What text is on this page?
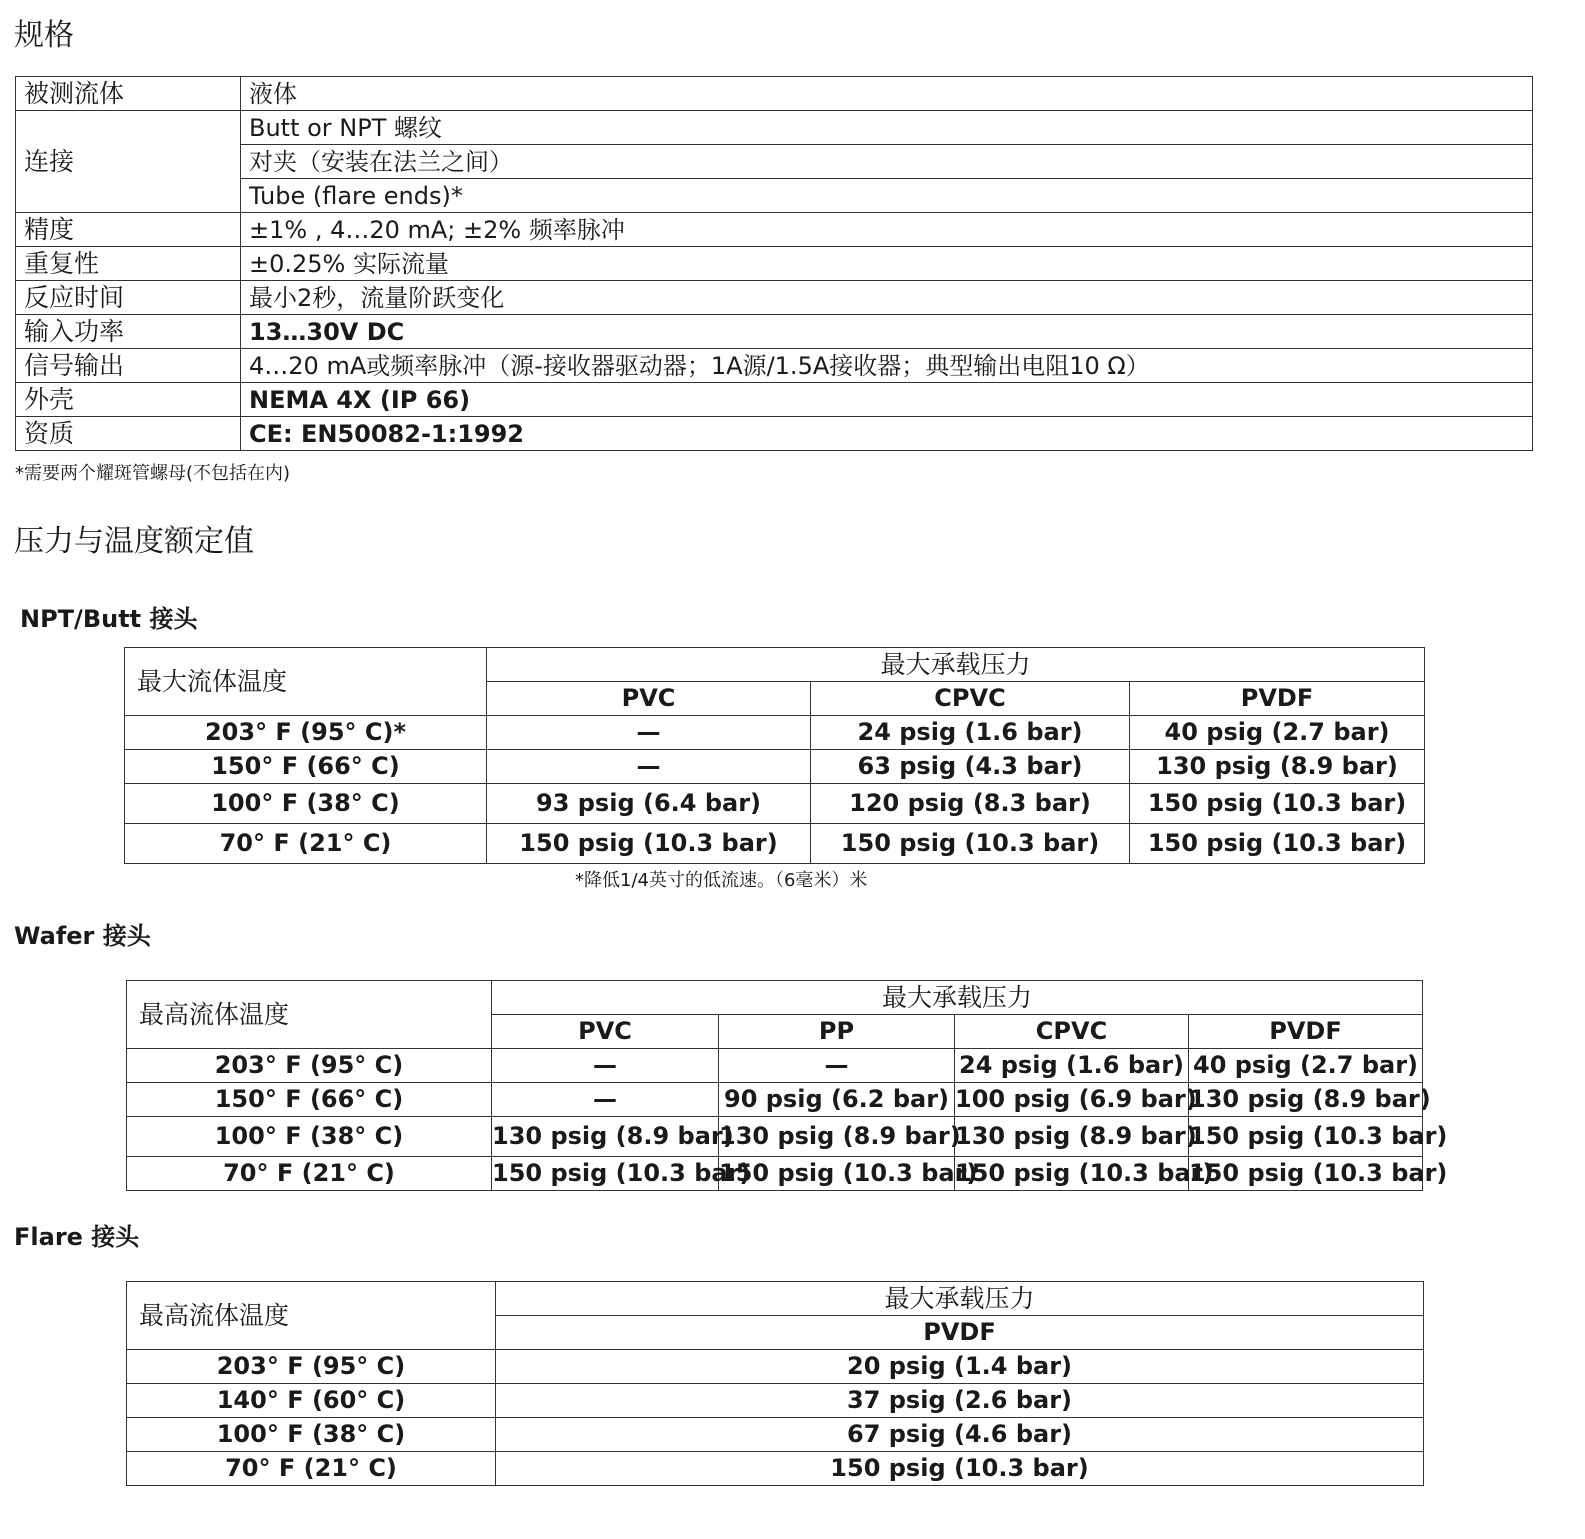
规格
被测流体	液体
连接	Butt or NPT 螺纹
	对夹（安装在法兰之间）
	Tube (flare ends)*
精度	±1% , 4…20 mA; ±2% 频率脉冲
重复性	±0.25% 实际流量
反应时间	最小2秒，流量阶跃变化
输入功率	13…30V DC
信号输出	4…20 mA或频率脉冲（源-接收器驱动器；1A源/1.5A接收器；典型输出电阻10 Ω）
外壳	NEMA 4X (IP 66)
资质	CE: EN50082-1:1992
*需要两个耀斑管螺母(不包括在内)
压力与温度额定值
NPT/Butt 接头
最大流体温度	最大承载压力		
	PVC	CPVC	PVDF
203° F (95° C)*	—	24 psig (1.6 bar)	40 psig (2.7 bar)
150° F (66° C)	—	63 psig (4.3 bar)	130 psig (8.9 bar)
100° F (38° C)	93 psig (6.4 bar)	120 psig (8.3 bar)	150 psig (10.3 bar)
70° F (21° C)	150 psig (10.3 bar)	150 psig (10.3 bar)	150 psig (10.3 bar)
*降低1/4英寸的低流速。（6毫米）米
Wafer 接头
最高流体温度	最大承载压力			
	PVC	PP	CPVC	PVDF
203° F (95° C)	—	—	24 psig (1.6 bar)	40 psig (2.7 bar)
150° F (66° C)	—	90 psig (6.2 bar)	100 psig (6.9 bar)	130 psig (8.9 bar)
100° F (38° C)	130 psig (8.9 bar)	130 psig (8.9 bar)	130 psig (8.9 bar)	150 psig (10.3 bar)
70° F (21° C)	150 psig (10.3 bar)	150 psig (10.3 bar)	150 psig (10.3 bar)	150 psig (10.3 bar)
Flare 接头
最高流体温度	最大承载压力
	PVDF
203° F (95° C)	20 psig (1.4 bar)
140° F (60° C)	37 psig (2.6 bar)
100° F (38° C)	67 psig (4.6 bar)
70° F (21° C)	150 psig (10.3 bar)
